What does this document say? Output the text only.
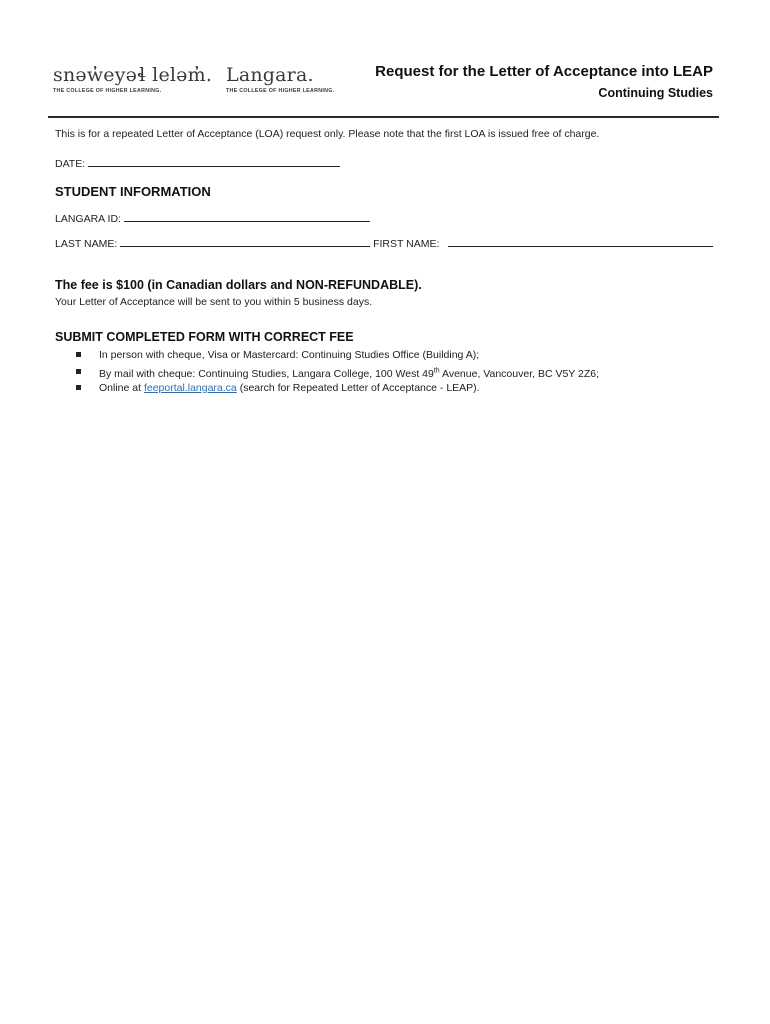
snəw̓eyəɬ leləm̓.
THE COLLEGE OF HIGHER LEARNING.
Langara.
THE COLLEGE OF HIGHER LEARNING.
Request for the Letter of Acceptance into LEAP
Continuing Studies
This is for a repeated Letter of Acceptance (LOA) request only. Please note that the first LOA is issued free of charge.
DATE:
STUDENT INFORMATION
LANGARA ID:
LAST NAME:	FIRST NAME:
The fee is $100 (in Canadian dollars and NON-REFUNDABLE).
Your Letter of Acceptance will be sent to you within 5 business days.
SUBMIT COMPLETED FORM WITH CORRECT FEE
In person with cheque, Visa or Mastercard: Continuing Studies Office (Building A);
By mail with cheque: Continuing Studies, Langara College, 100 West 49th Avenue, Vancouver, BC V5Y 2Z6;
Online at feeportal.langara.ca (search for Repeated Letter of Acceptance - LEAP).
